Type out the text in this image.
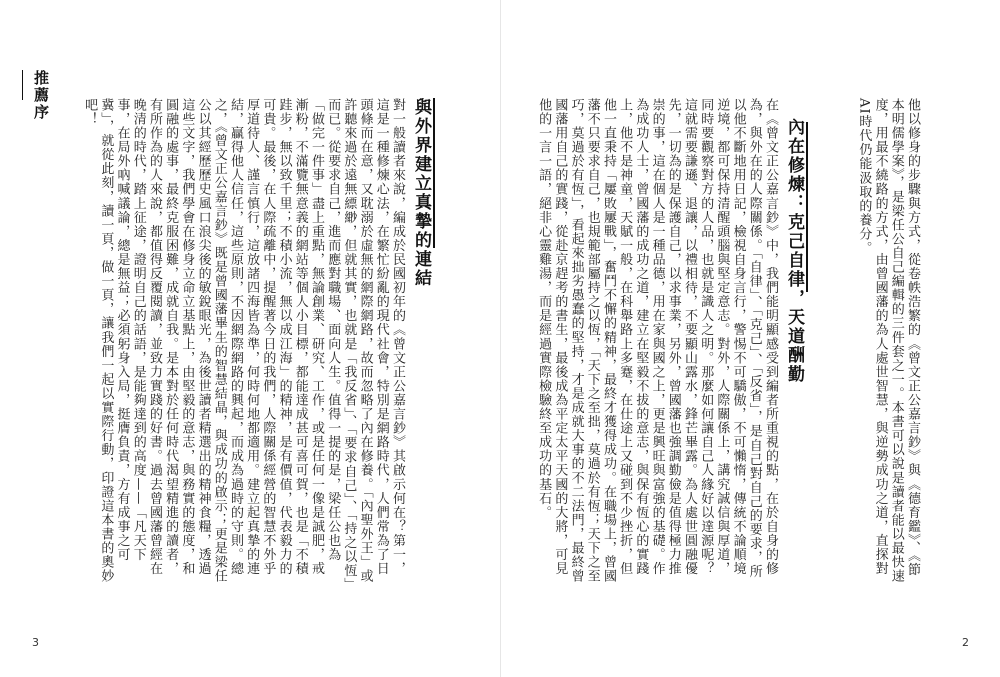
推薦序
他以修身的步驟與方式，從卷帙浩繁的《曾文正公嘉言鈔》與《德育鑑》、《節本明儒學案》，是梁任公自己編輯的三件套之一。本書可以說是讀者能以最快速度，用最不繞路的方式，由曾國藩的為人處世智慧，與逆勢成功之道，直探對AI時代仍能汲取的養分。
內在修煉：克己自律，天道酬勤
在《曾文正公嘉言鈔》中，我們能明顯感受到編者所重視的點，在於自身的修為，與外在的人際關係。「自律」、「克己」、「反省」，是自己對自己的要求，所以他不斷地用日記，檢視自身言行，警惕不可驕傲，不可懶惰，傳統不論順境逆境，都可保持清醒頭腦與堅定意志。對外，人際關係上，講究誠信與厚道，同時要觀察對方的人品，也就是識人之明。那麼如何讓自己人緣好以達源呢？這就需要謙遜、退讓，以禮相待，不要顯山露水，鋒芒畢露。為人處世圓融優先，一切為的是保護自己，以求事業，另外，曾國藩也強調勤儉是值得極力推崇的事，這在個人是一種品德，用在家與國之上，更是興旺與富強的基礎。作為成功人士，曾國藩的成功之道，建立在堅毅不拔的意志，與保有恆心的實踐上，他不是神童，天賦一般，在科舉路上多蹇，在仕途上又碰到不少挫折，但他一直秉持「屢敗屢戰」，奮鬥不懈的精神，最終才獲得成功。在職場上，曾國藩不只要求自己，也規範部屬持之以恆，「天下之至拙，莫過於有恆；天下之至巧，莫過於有恆」，看起來拙劣愚蠢的堅持，才是成就大事的不二法門，最終曾國藩用自己的實踐，從赴京趕考的書生，最後成為平定太平天國的大將，可見他的一言一語，絕非心靈雞湯，而是經過實際檢驗終至成功的基石。
2
與外界建立真摯的連結
對一般讀者來說，編成於民國初年的《曾文正公嘉言鈔》其啟示何在？第一，這是一種修煉心法，在繁忙紛亂的現代社會，特別是網路時代，人們常為了日頭條而在意，又耽溺於虛無的網際網路，故而忽略了內在修養。「內聖外王」或許聽來過於遠無縹緲，但就其實，也就是「我反省」、「要求自己」、「持之以恆」而已。從要求自己，進而應對職場、面向人生。值得一提的是，梁任公也為「做完一件事」盡上重點，無論創業、研究、工作，或是任何一像是誠肥，戒漸粉，不滿覽無意義的網站等個人小目標，都能達成甚可喜可賀，也是「不積跬步，無以致千里；不積小流，無以成江海」的精神，是有價值，代表毅力的可貴。最後，在人際疏離中，提醒著今日的我們，人際關係經營的智慧不外乎厚道待人、謹言慎行，這放諸四海皆為準，何時何地都適用。建立起真摯的連結，贏得他人信任，這些原則，不因網際網路的興起，而成為過時的守則。總之，《曾文正公嘉言鈔》既是曾國藩畢生的智慧結晶，與成功的啟示；更是梁任公以其經歷歷史風口浪尖後的敏銳眼光，為後世讀者精選出的精神食糧，透過這些文字，我們學會在修身立命立基點上，由堅毅的意志，與務實的態度，和圓融的處事，最終克服困難，成就自我。是本對於任何時代渴望精進的讀者，有所作為的人來說，都值得反覆閱讀，並致力實踐的好書。過去曾國藩曾經在晚清的時代，踏上征途，證明自己的話語，是能夠達到的高度——「凡天下事，在局外吶喊議論，總是無益；必須躬身入局，挺膺負責，方有成事之可冀」，就從此刻，讀一頁，做一頁，讓我們一起以實際行動，印證這本書的奧妙吧！
3
